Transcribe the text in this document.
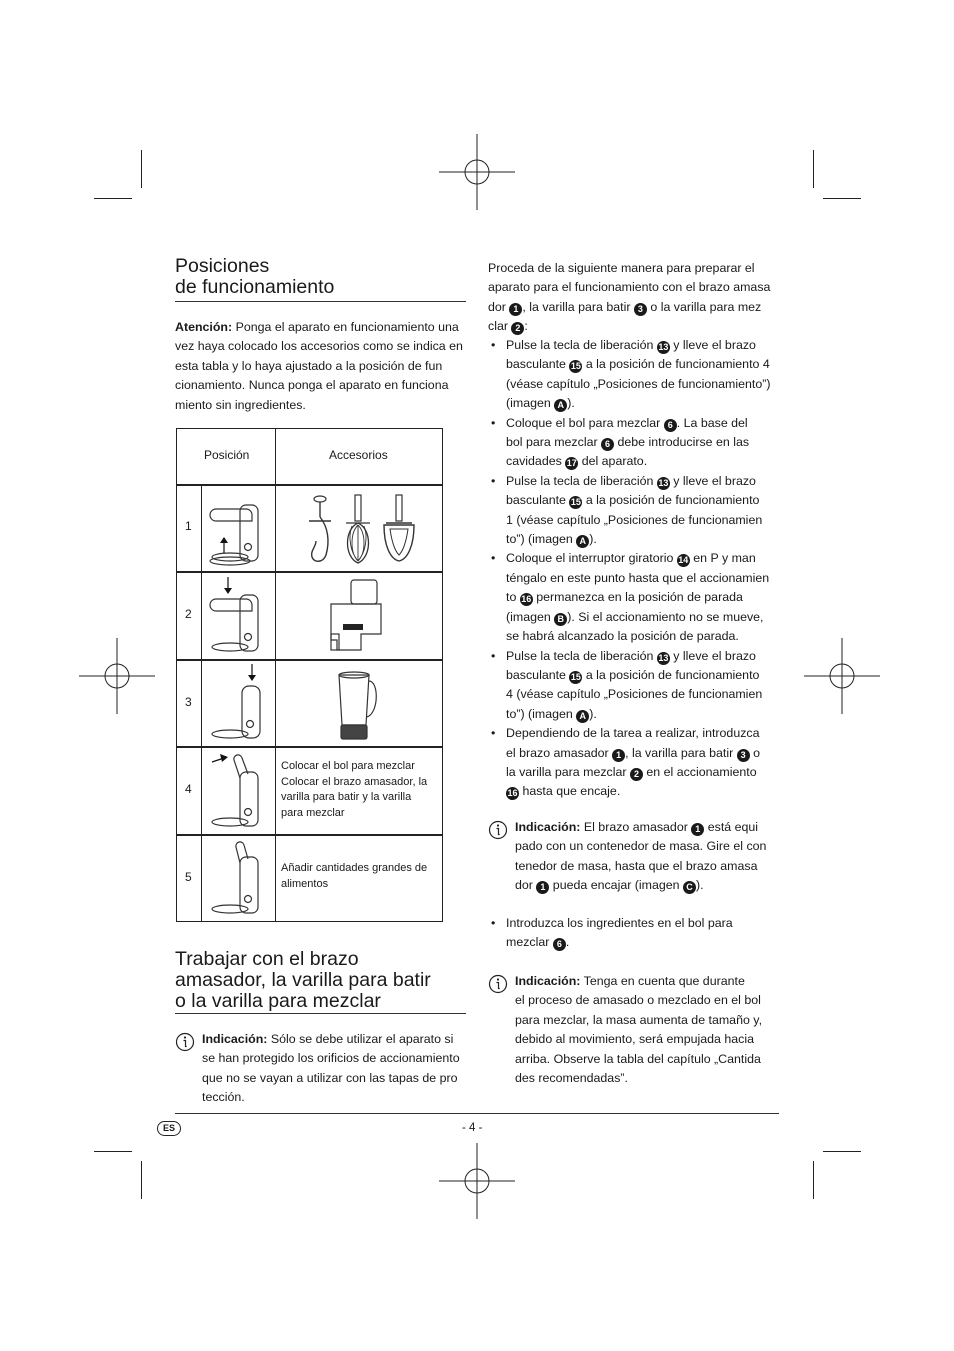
Posiciones
de funcionamiento
Atención: Ponga el aparato en funcionamiento una
vez haya colocado los accesorios como se indica en
esta tabla y lo haya ajustado a la posición de fun
cionamiento. Nunca ponga el aparato en funciona
miento sin ingredientes.
Posición	Accesorios
1
2
3
4
5
Colocar el bol para mezclar
Colocar el brazo amasador, la
varilla para batir y la varilla
para mezclar
Añadir cantidades grandes de
alimentos
Trabajar con el brazo
amasador, la varilla para batir
o la varilla para mezclar
Indicación: Sólo se debe utilizar el aparato si
se han protegido los orificios de accionamiento
que no se vayan a utilizar con las tapas de pro
tección.
Proceda de la siguiente manera para preparar el
aparato para el funcionamiento con el brazo amasa
dor 1 , la varilla para batir 3 o la varilla para mez
clar 2 :
• Pulse la tecla de liberación 13 y lleve el brazo
basculante 15 a la posición de funcionamiento 4
(véase capítulo „Posiciones de funcionamiento”)
(imagen A ).
• Coloque el bol para mezclar 6 . La base del
bol para mezclar 6 debe introducirse en las
cavidades 17 del aparato.
• Pulse la tecla de liberación 13 y lleve el brazo
basculante 15 a la posición de funcionamiento
1 (véase capítulo „Posiciones de funcionamien
to”) (imagen A ).
• Coloque el interruptor giratorio 14 en P y man
téngalo en este punto hasta que el accionamien
to 16 permanezca en la posición de parada
(imagen B ). Si el accionamiento no se mueve,
se habrá alcanzado la posición de parada.
• Pulse la tecla de liberación 13 y lleve el brazo
basculante 15 a la posición de funcionamiento
4 (véase capítulo „Posiciones de funcionamien
to”) (imagen A ).
• Dependiendo de la tarea a realizar, introduzca
el brazo amasador 1 , la varilla para batir 3 o
la varilla para mezclar 2 en el accionamiento
16 hasta que encaje.
Indicación: El brazo amasador 1 está equi
pado con un contenedor de masa. Gire el con
tenedor de masa, hasta que el brazo amasa
dor 1 pueda encajar (imagen C ).
• Introduzca los ingredientes en el bol para
mezclar 6 .
Indicación: Tenga en cuenta que durante
el proceso de amasado o mezclado en el bol
para mezclar, la masa aumenta de tamaño y,
debido al movimiento, será empujada hacia
arriba. Observe la tabla del capítulo „Cantida
des recomendadas”.
ES	- 4 -
